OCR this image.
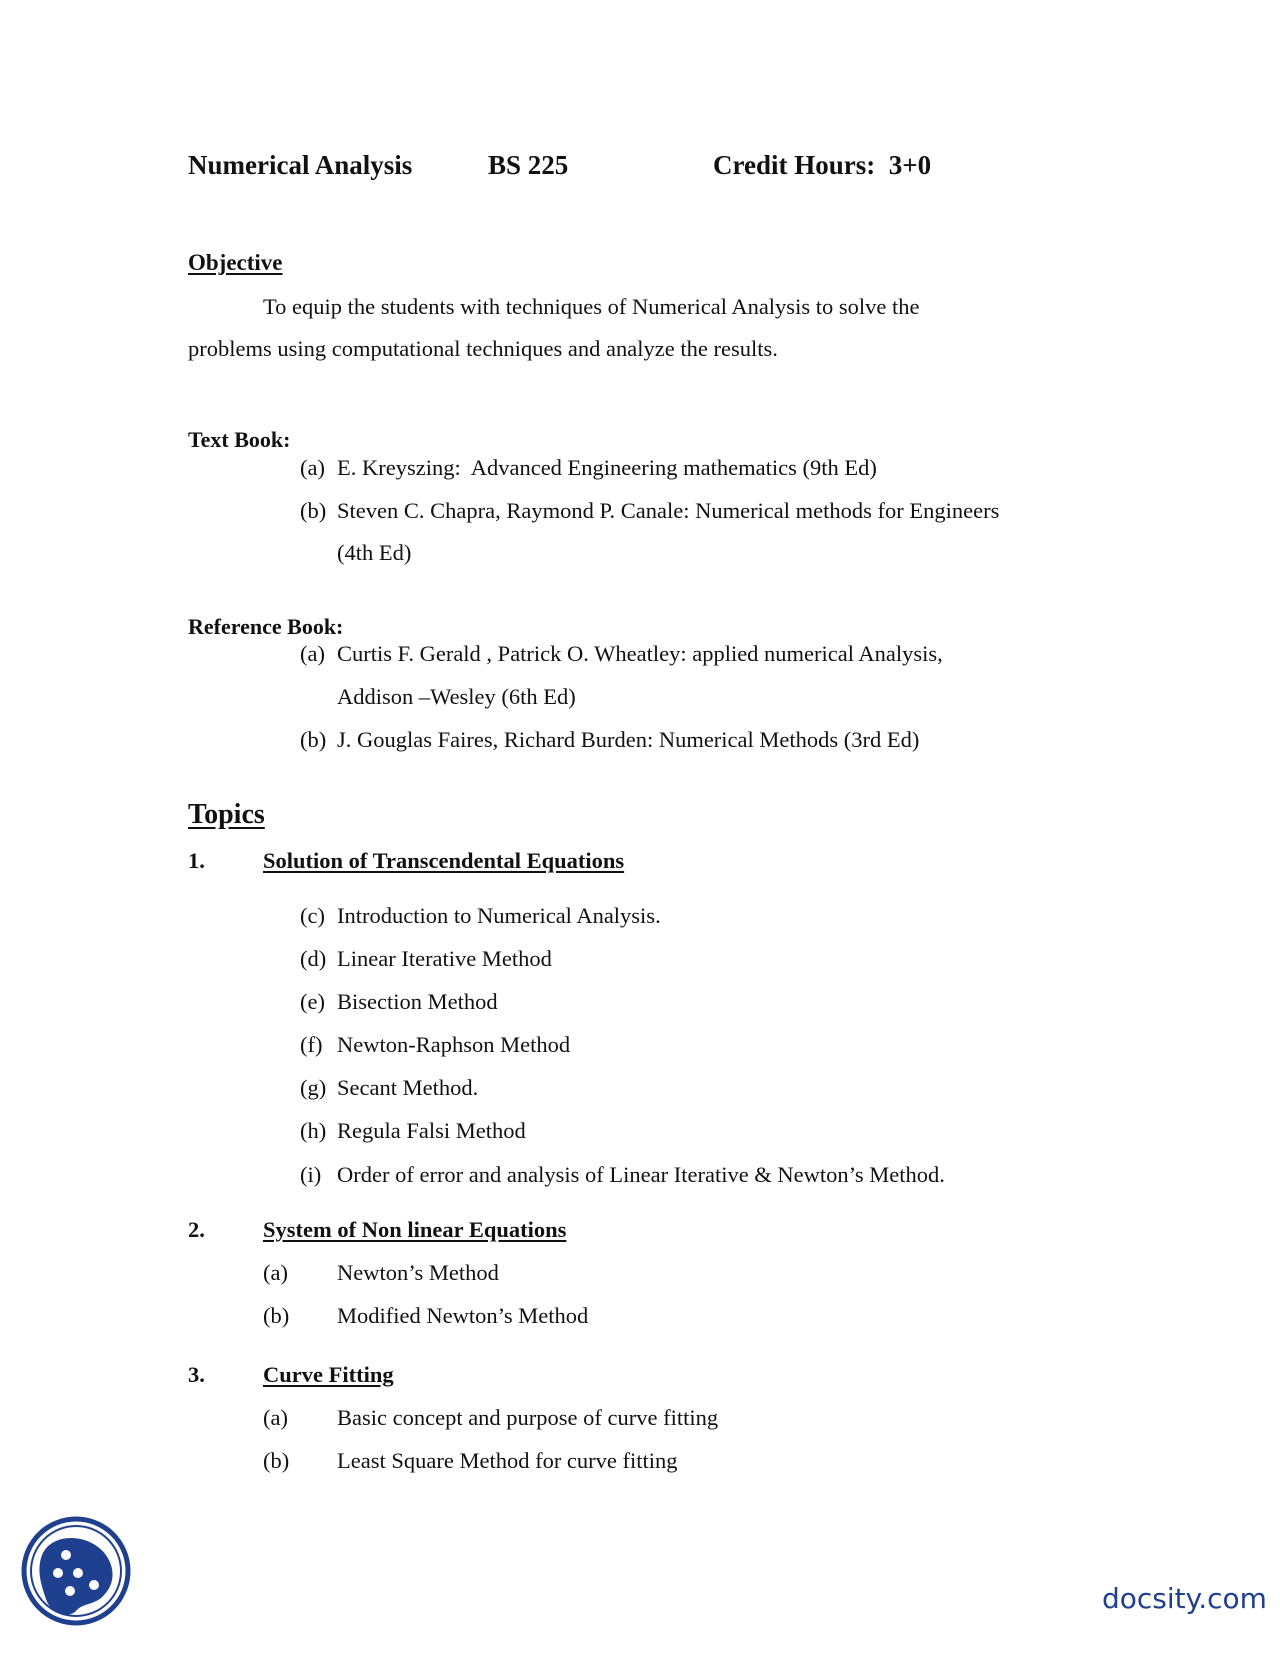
Numerical Analysis	BS 225	Credit Hours:  3+0
Objective
To equip the students with techniques of Numerical Analysis to solve the
problems using computational techniques and analyze the results.
Text Book:
(a) E. Kreyszing:  Advanced Engineering mathematics (9th Ed)
(b) Steven C. Chapra, Raymond P. Canale: Numerical methods for Engineers
(4th Ed)
Reference Book:
(a) Curtis F. Gerald , Patrick O. Wheatley: applied numerical Analysis,
Addison –Wesley (6th Ed)
(b) J. Gouglas Faires, Richard Burden: Numerical Methods (3rd Ed)
Topics
1.	Solution of Transcendental Equations
(c) Introduction to Numerical Analysis.
(d) Linear Iterative Method
(e) Bisection Method
(f) Newton-Raphson Method
(g) Secant Method.
(h) Regula Falsi Method
(i) Order of error and analysis of Linear Iterative & Newton’s Method.
2.	System of Non linear Equations
(a) Newton’s Method
(b) Modified Newton’s Method
3.	Curve Fitting
(a) Basic concept and purpose of curve fitting
(b) Least Square Method for curve fitting
docsity.com
